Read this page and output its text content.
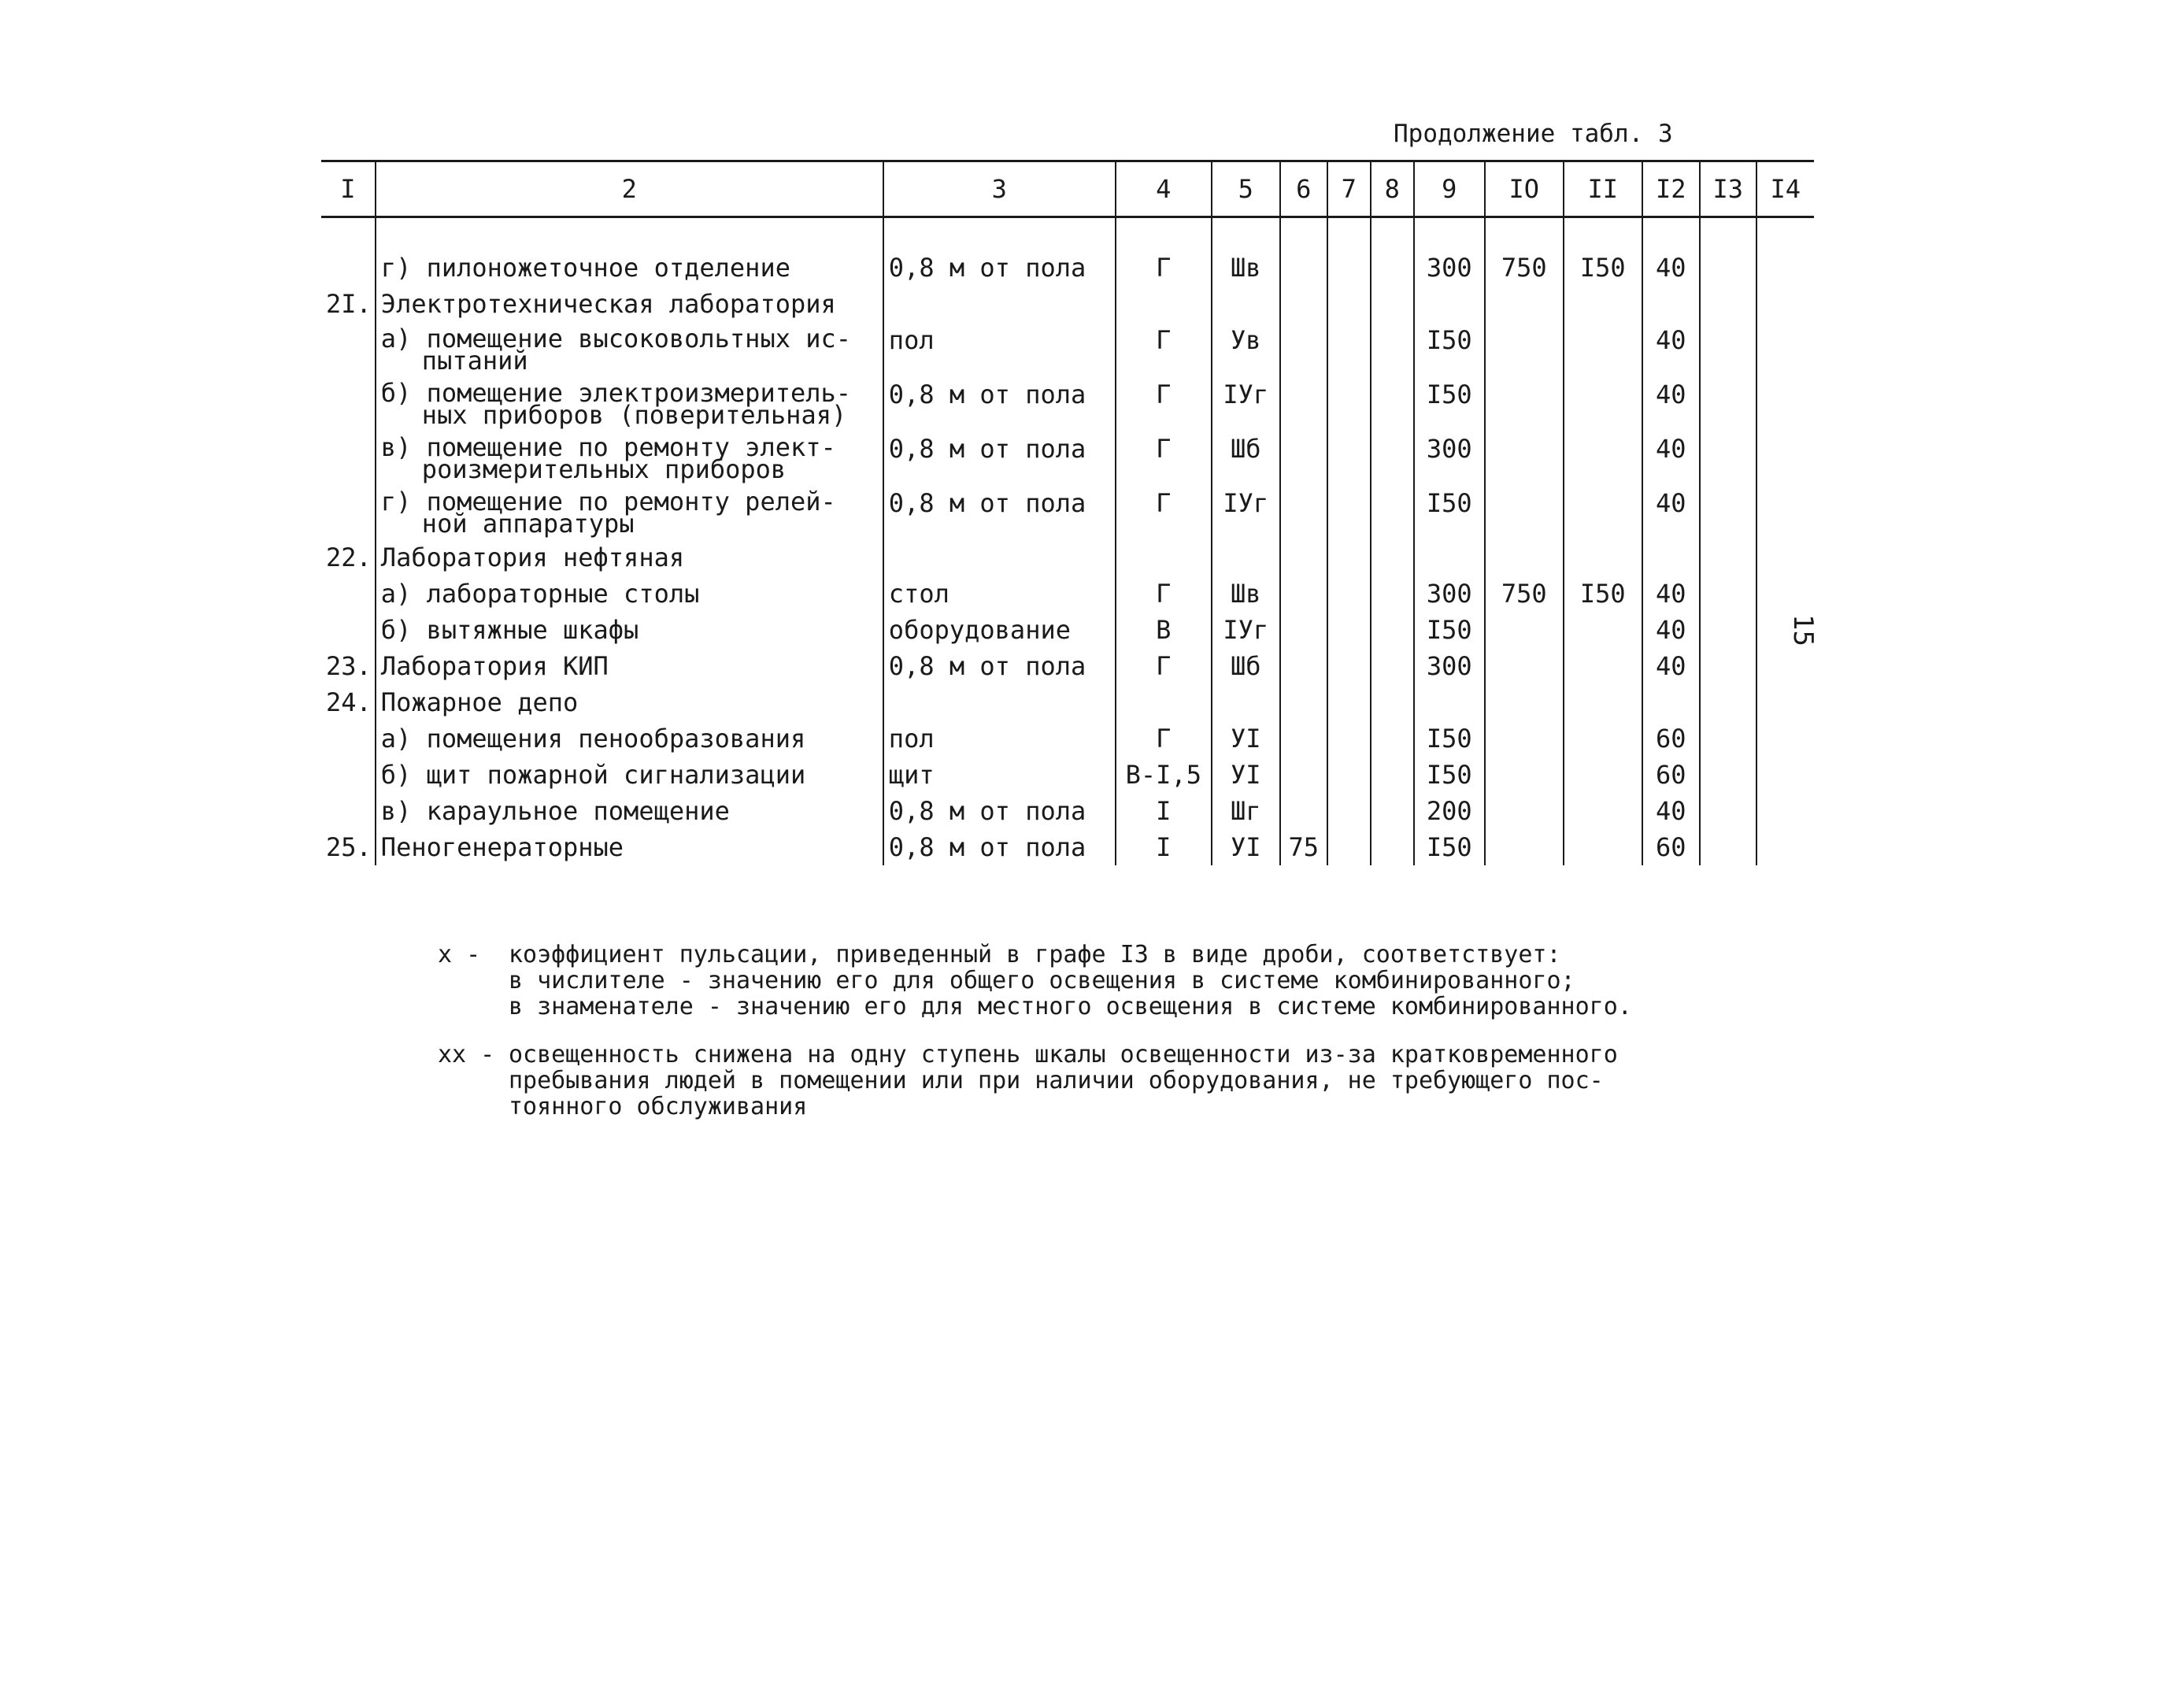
Продолжение табл. 3
I	2	3	4	5	6	7	8	9	IO	II	I2	I3	I4

	г) пилоножеточное отделение	0,8 м от пола	Г	Шв				300	750	I50	40		
2I.	Электротехническая лаборатория												

	а) помещение высоковольтных ис-
пытаний	пол	Г	Ув				I50			40		

	б) помещение электроизмеритель-
ных приборов (поверительная)	0,8 м от пола	Г	IУг				I50			40		

	в) помещение по ремонту элект-
роизмерительных приборов	0,8 м от пола	Г	Шб				300			40		

	г) помещение по ремонту релей-
ной аппаратуры	0,8 м от пола	Г	IУг				I50			40		
22.	Лаборатория нефтяная												

	а) лабораторные столы	стол	Г	Шв				300	750	I50	40		

	б) вытяжные шкафы	оборудование	В	IУг				I50			40		
23.	Лаборатория КИП	0,8 м от пола	Г	Шб				300			40		
24.	Пожарное депо												

	а) помещения пенообразования	пол	Г	УI				I50			60		

	б) щит пожарной сигнализации	щит	В-I,5	УI				I50			60		

	в) караульное помещение	0,8 м от пола	I	Шг				200			40		
25.	Пеногенераторные	0,8 м от пола	I	УI	75			I50			60		
15
х -	коэффициент пульсации, приведенный в графе I3 в виде дроби, соответствует:
в числителе - значению его для общего освещения в системе комбинированного;
в знаменателе - значению его для местного освещения в системе комбинированного.
хх - освещенность снижена на одну ступень шкалы освещенности из-за кратковременного
пребывания людей в помещении или при наличии оборудования, не требующего пос-
тоянного обслуживания
